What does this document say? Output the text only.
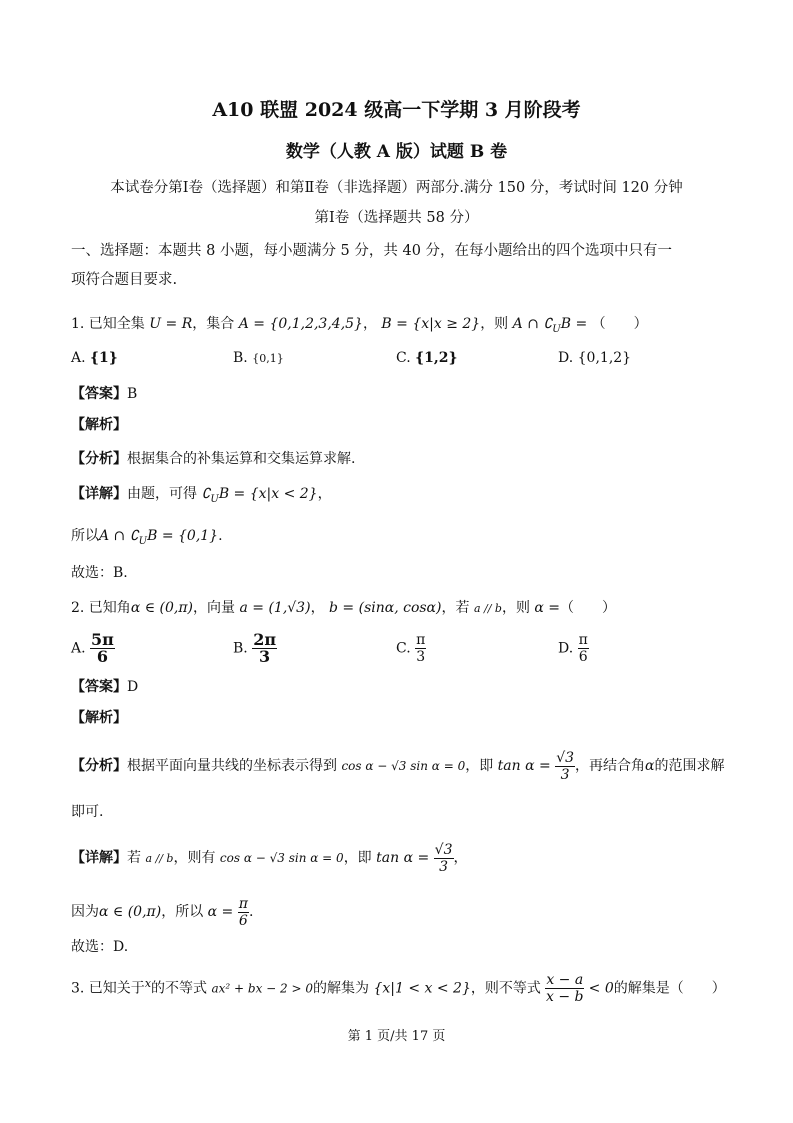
A10 联盟 2024 级高一下学期 3 月阶段考
数学（人教 A 版）试题 B 卷
本试卷分第Ⅰ卷（选择题）和第Ⅱ卷（非选择题）两部分.满分 150 分，考试时间 120 分钟
第Ⅰ卷（选择题共 58 分）
一、选择题：本题共 8 小题，每小题满分 5 分，共 40 分，在每小题给出的四个选项中只有一
项符合题目要求.
1. 已知全集 U = R，集合 A = {0,1,2,3,4,5}， B = {x|x ≥ 2}，则 A ∩ $∁_UB$ = （　　）
A. {1}	B. {0,1}	C. {1,2}	D. {0,1,2}
【答案】B
【解析】
【分析】根据集合的补集运算和交集运算求解.
【详解】由题，可得 $∁_UB = \{x|x < 2\}$，
所以A ∩ $∁_UB = \{0,1\}$.
故选：B.
2. 已知角α ∈ (0,π)，向量 a = (1,√3)， b = (sinα, cosα)，若 a // b，则 α =（　　）
A. $\frac{5\pi}{6}$	B. $\frac{2\pi}{3}$	C. $\frac{\pi}{3}$	D. $\frac{\pi}{6}$
【答案】D
【解析】
【分析】根据平面向量共线的坐标表示得到 cos α − √3 sin α = 0，即 $\tan \alpha = \frac{√3}{3}$ ，再结合角α的范围求解
即可.
【详解】若 a // b，则有 cos α − √3 sin α = 0，即 $\tan \alpha = \frac{√3}{3}$ ，
因为α ∈ (0,π)，所以 $\alpha = \frac{\pi}{6}$ .
故选：D.
3. 已知关于$^x$的不等式 ax² + bx − 2 > 0的解集为 {x|1 < x < 2}，则不等式 $\frac{x - a}{x - b} < 0$的解集是（　　）
第 1 页/共 17 页
